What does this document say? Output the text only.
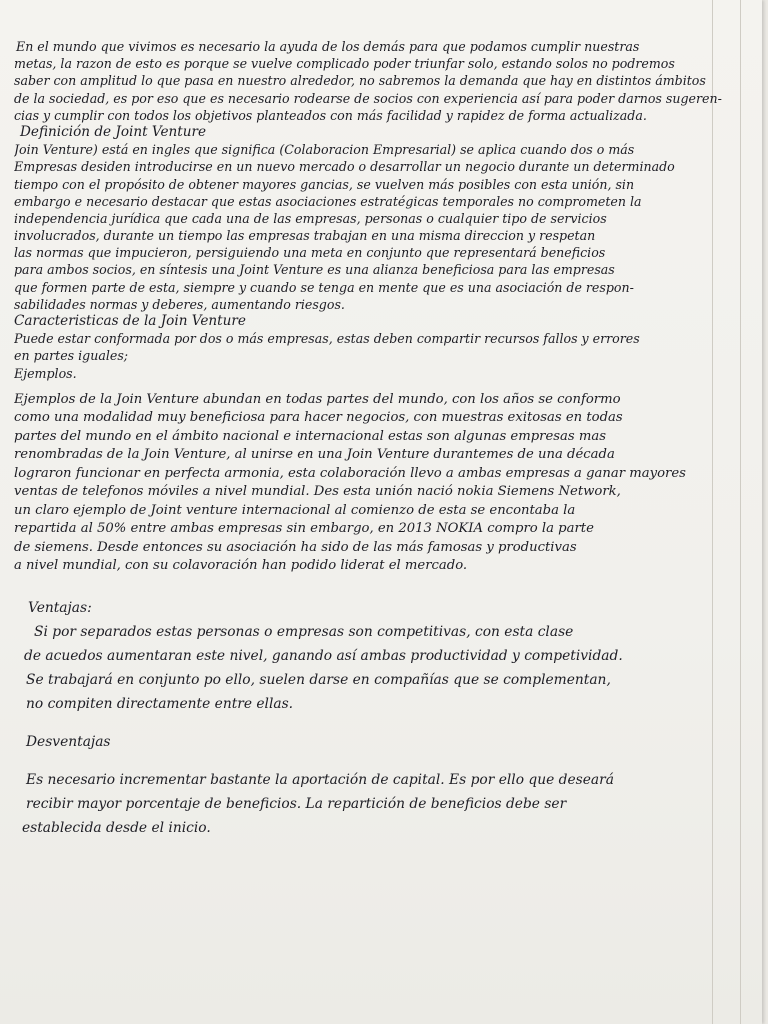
En el mundo que vivimos es necesario la ayuda de los demás para que podamos cumplir nuestras
metas, la razon de esto es porque se vuelve complicado poder triunfar solo, estando solos no podremos
saber con amplitud lo que pasa en nuestro alrededor, no sabremos la demanda que hay en distintos ámbitos
de la sociedad, es por eso que es necesario rodearse de socios con experiencia así para poder darnos sugeren-
cias y cumplir con todos los objetivos planteados con más facilidad y rapidez de forma actualizada.
Definición de Joint Venture
Join Venture) está en ingles que significa (Colaboracion Empresarial) se aplica cuando dos o más
Empresas desiden introducirse en un nuevo mercado o desarrollar un negocio durante un determinado
tiempo con el propósito de obtener mayores gancias, se vuelven más posibles con esta unión, sin
embargo e necesario destacar que estas asociaciones estratégicas temporales no comprometen la
independencia jurídica que cada una de las empresas, personas o cualquier tipo de servicios
involucrados, durante un tiempo las empresas trabajan en una misma direccion y respetan
las normas que impucieron, persiguiendo una meta en conjunto que representará beneficios
para ambos socios, en síntesis una Joint Venture es una alianza beneficiosa para las empresas
que formen parte de esta, siempre y cuando se tenga en mente que es una asociación de respon-
sabilidades normas y deberes, aumentando riesgos.
Caracteristicas de la Join Venture
Puede estar conformada por dos o más empresas, estas deben compartir recursos fallos y errores
en partes iguales;
Ejemplos.
Ejemplos de la Join Venture abundan en todas partes del mundo, con los años se conformo
como una modalidad muy beneficiosa para hacer negocios, con muestras exitosas en todas
partes del mundo en el ámbito nacional e internacional estas son algunas empresas mas
renombradas de la Join Venture, al unirse en una Join Venture durantemes de una década
lograron funcionar en perfecta armonia, esta colaboración llevo a ambas empresas a ganar mayores
ventas de telefonos móviles a nivel mundial. Des esta unión nació nokia Siemens Network,
un claro ejemplo de Joint venture internacional al comienzo de esta se encontaba la
repartida al 50% entre ambas empresas sin embargo, en 2013 NOKIA compro la parte
de siemens. Desde entonces su asociación ha sido de las más famosas y productivas
a nivel mundial, con su colavoración han podido liderat el mercado.
Ventajas:
Si por separados estas personas o empresas son competitivas, con esta clase
de acuedos aumentaran este nivel, ganando así ambas productividad y competividad.
Se trabajará en conjunto po ello, suelen darse en compañías que se complementan,
no compiten directamente entre ellas.
Desventajas
Es necesario incrementar bastante la aportación de capital. Es por ello que deseará
recibir mayor porcentaje de beneficios. La repartición de beneficios debe ser
establecida desde el inicio.
